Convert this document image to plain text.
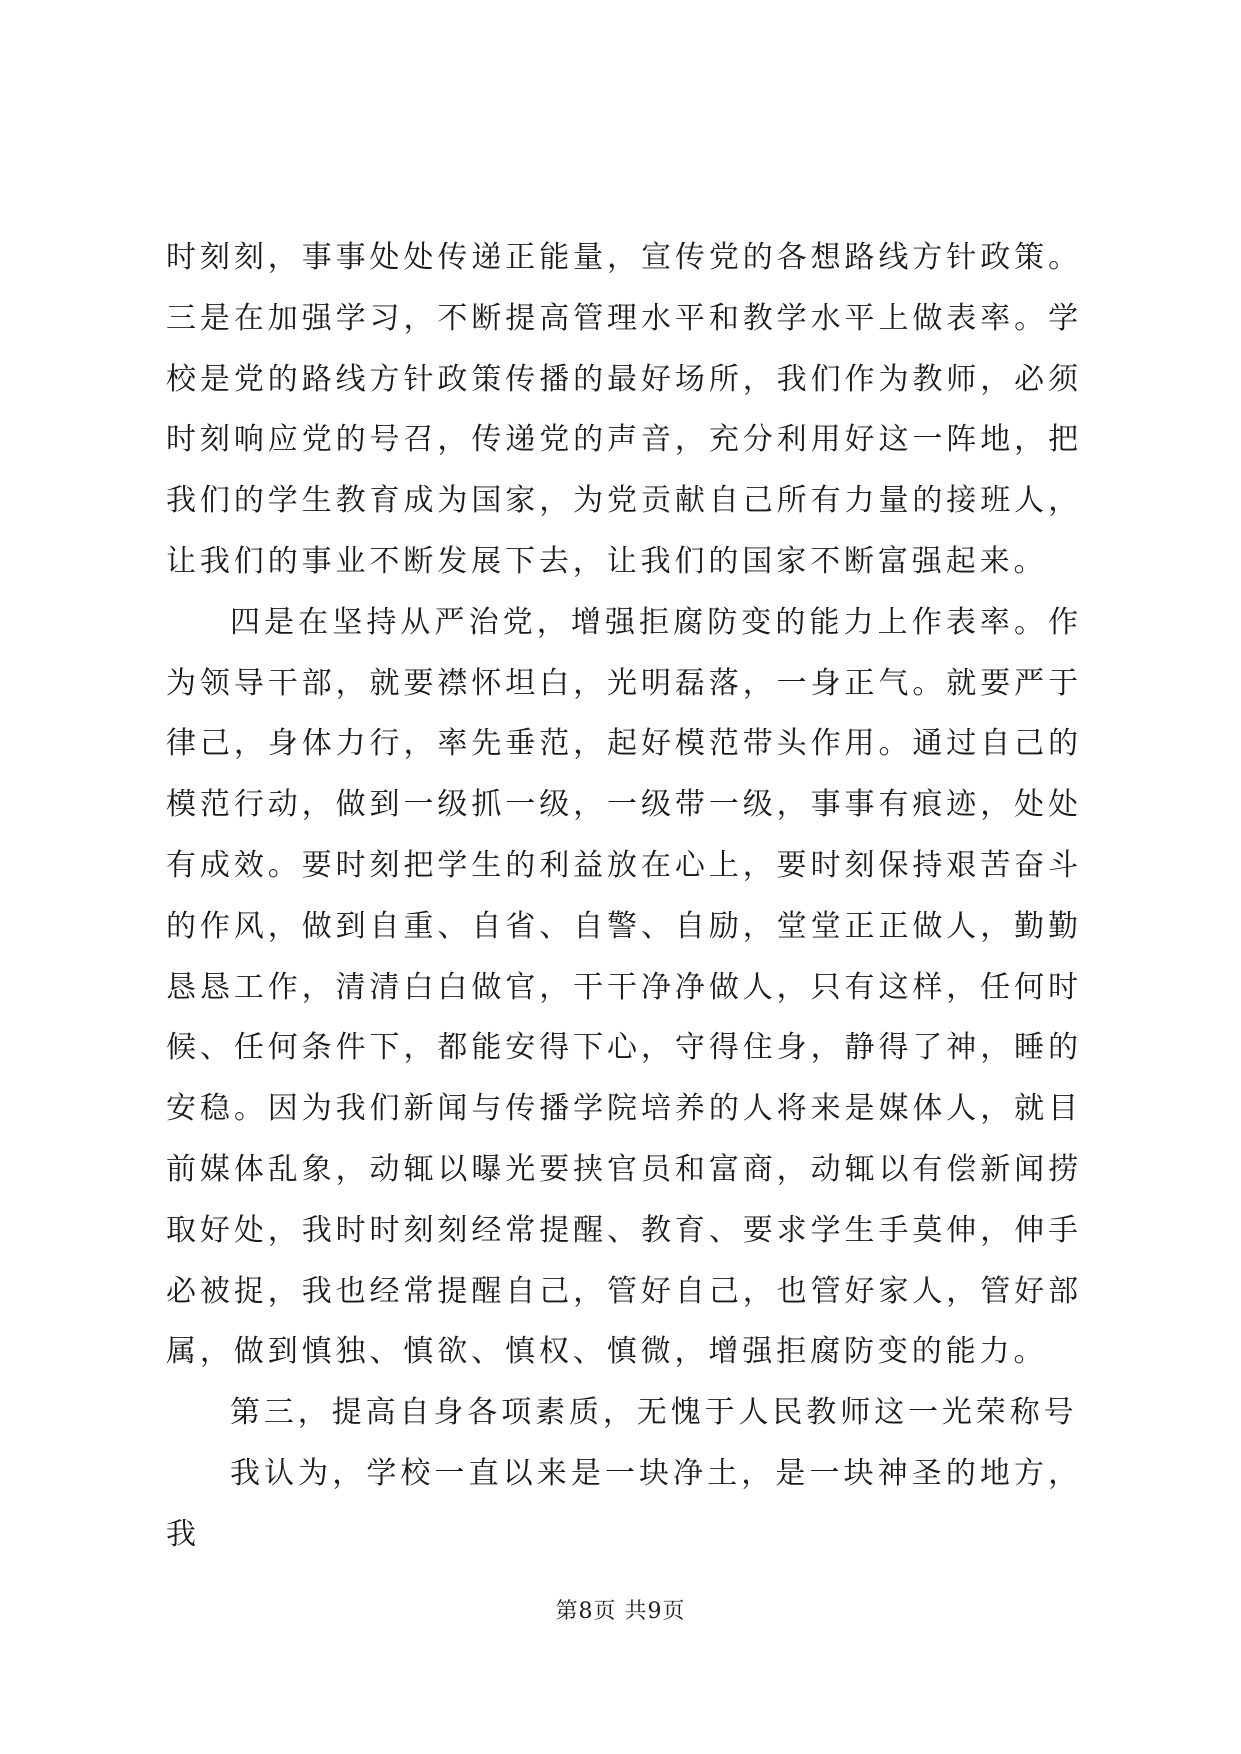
时刻刻，事事处处传递正能量，宣传党的各想路线方针政策。三是在加强学习，不断提高管理水平和教学水平上做表率。学校是党的路线方针政策传播的最好场所，我们作为教师，必须时刻响应党的号召，传递党的声音，充分利用好这一阵地，把我们的学生教育成为国家，为党贡献自己所有力量的接班人，让我们的事业不断发展下去，让我们的国家不断富强起来。

四是在坚持从严治党，增强拒腐防变的能力上作表率。作为领导干部，就要襟怀坦白，光明磊落，一身正气。就要严于律己，身体力行，率先垂范，起好模范带头作用。通过自己的模范行动，做到一级抓一级，一级带一级，事事有痕迹，处处有成效。要时刻把学生的利益放在心上，要时刻保持艰苦奋斗的作风，做到自重、自省、自警、自励，堂堂正正做人，勤勤恳恳工作，清清白白做官，干干净净做人，只有这样，任何时候、任何条件下，都能安得下心，守得住身，静得了神，睡的安稳。因为我们新闻与传播学院培养的人将来是媒体人，就目前媒体乱象，动辄以曝光要挟官员和富商，动辄以有偿新闻捞取好处，我时时刻刻经常提醒、教育、要求学生手莫伸，伸手必被捉，我也经常提醒自己，管好自己，也管好家人，管好部属，做到慎独、慎欲、慎权、慎微，增强拒腐防变的能力。

第三，提高自身各项素质，无愧于人民教师这一光荣称号

我认为，学校一直以来是一块净土，是一块神圣的地方，我

第8页 共9页
